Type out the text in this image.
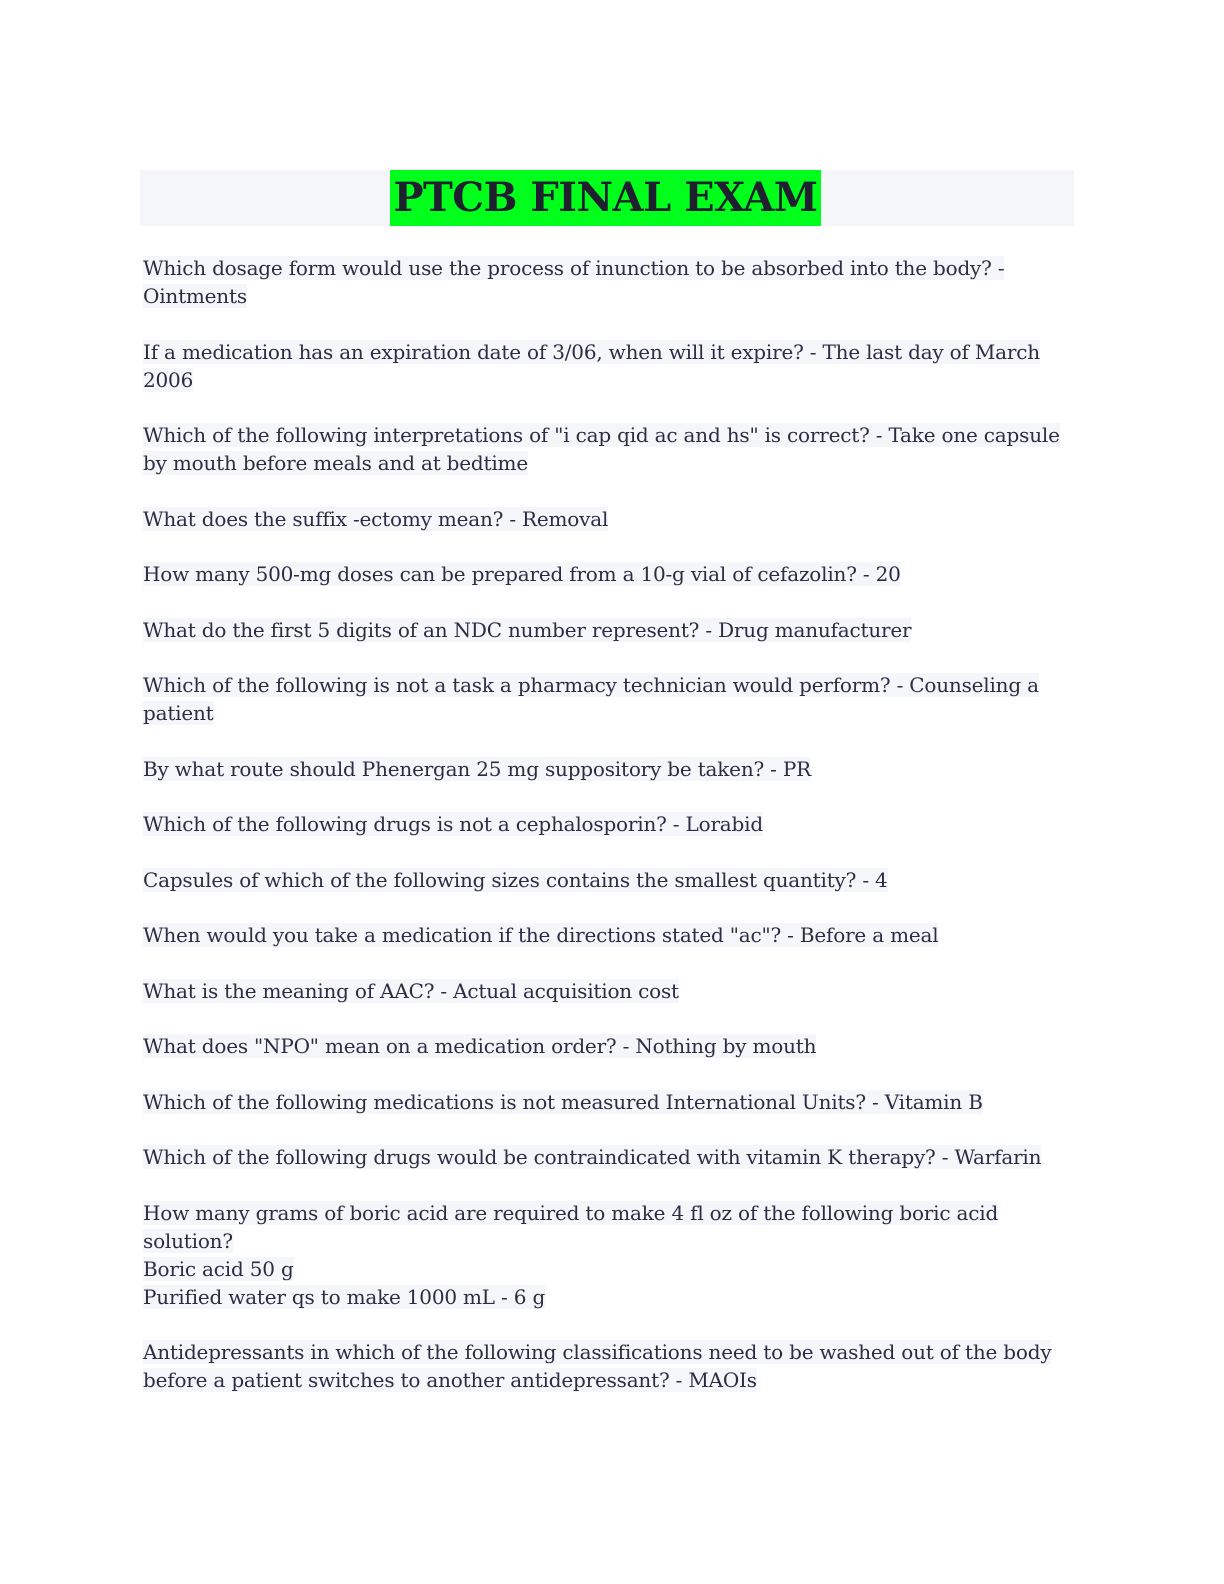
PTCB FINAL EXAM

Which dosage form would use the process of inunction to be absorbed into the body? - Ointments

If a medication has an expiration date of 3/06, when will it expire? - The last day of March 2006

Which of the following interpretations of "i cap qid ac and hs" is correct? - Take one capsule by mouth before meals and at bedtime

What does the suffix -ectomy mean? - Removal

How many 500-mg doses can be prepared from a 10-g vial of cefazolin? - 20

What do the first 5 digits of an NDC number represent? - Drug manufacturer

Which of the following is not a task a pharmacy technician would perform? - Counseling a patient

By what route should Phenergan 25 mg suppository be taken? - PR

Which of the following drugs is not a cephalosporin? - Lorabid

Capsules of which of the following sizes contains the smallest quantity? - 4

When would you take a medication if the directions stated "ac"? - Before a meal

What is the meaning of AAC? - Actual acquisition cost

What does "NPO" mean on a medication order? - Nothing by mouth

Which of the following medications is not measured International Units? - Vitamin B

Which of the following drugs would be contraindicated with vitamin K therapy? - Warfarin

How many grams of boric acid are required to make 4 fl oz of the following boric acid solution?
Boric acid 50 g
Purified water qs to make 1000 mL - 6 g

Antidepressants in which of the following classifications need to be washed out of the body before a patient switches to another antidepressant? - MAOIs
